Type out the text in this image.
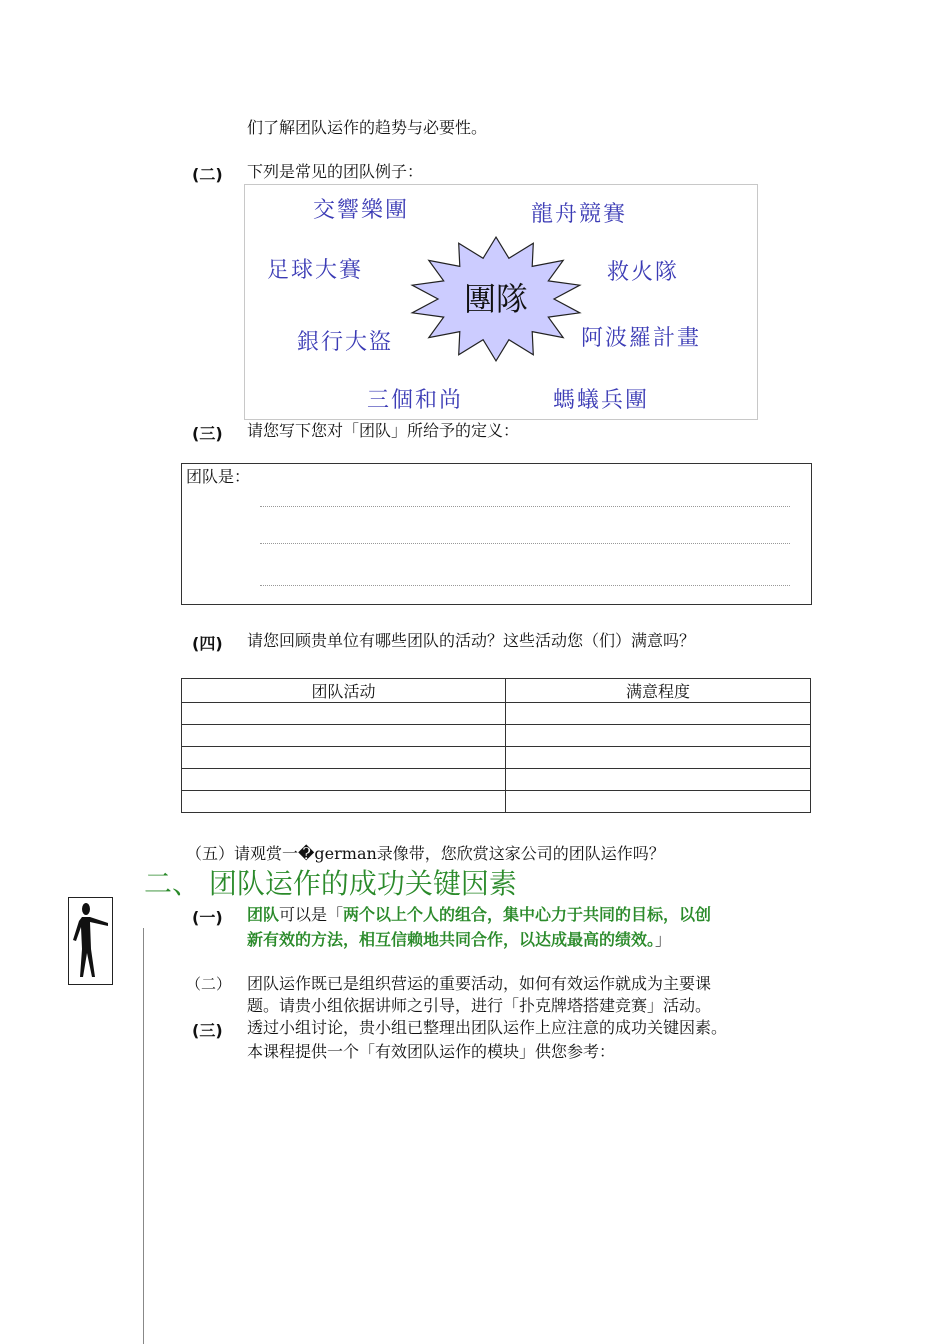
们了解团队运作的趋势与必要性。
(二) 下列是常见的团队例子：
團隊
交響樂團	龍舟競賽
足球大賽	救火隊
銀行大盜	阿波羅計畫
三個和尚	螞蟻兵團
(三) 请您写下您对「团队」所给予的定义：
团队是：
(四) 请您回顾贵单位有哪些团队的活动？这些活动您（们）满意吗？
团队活动	满意程度

（五）请观赏一�german录像带，您欣赏这家公司的团队运作吗？
二、 团队运作的成功关键因素
(一) 团队可以是「两个以上个人的组合，集中心力于共同的目标，以创
新有效的方法，相互信赖地共同合作，以达成最高的绩效。」
（二） 团队运作既已是组织营运的重要活动，如何有效运作就成为主要课
题。请贵小组依据讲师之引导，进行「扑克牌塔搭建竞赛」活动。
(三) 透过小组讨论，贵小组已整理出团队运作上应注意的成功关键因素。
本课程提供一个「有效团队运作的模块」供您参考：
